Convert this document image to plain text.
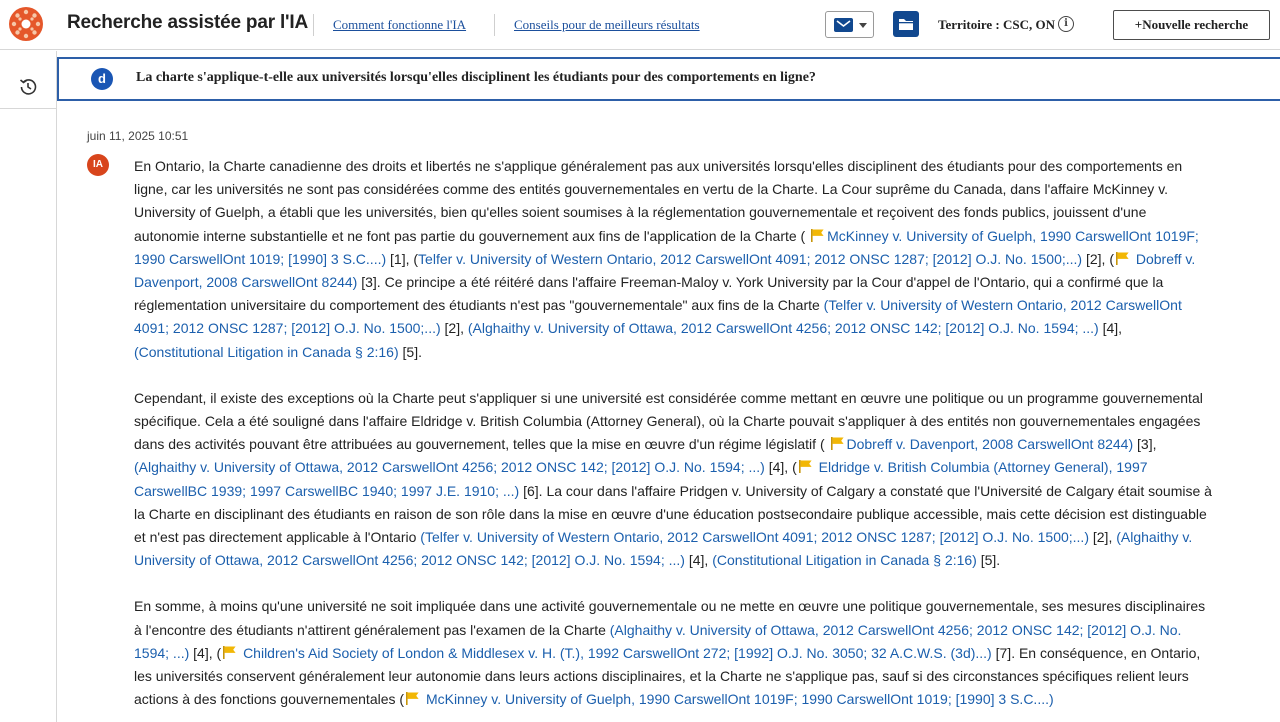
Recherche assistée par l'IA Comment fonctionne l'IA	Conseils pour de meilleurs résultats	Territoire : CSC, ON i	+Nouvelle recherche
d	La charte s'applique-t-elle aux universités lorsqu'elles disciplinent les étudiants pour des comportements en ligne?
juin 11, 2025 10:51
IA	En Ontario, la Charte canadienne des droits et libertés ne s'applique généralement pas aux universités lorsqu'elles disciplinent des étudiants pour des comportements en ligne, car les universités ne sont pas considérées comme des entités gouvernementales en vertu de la Charte. La Cour suprême du Canada, dans l'affaire McKinney v. University of Guelph, a établi que les universités, bien qu'elles soient soumises à la réglementation gouvernementale et reçoivent des fonds publics, jouissent d'une autonomie interne substantielle et ne font pas partie du gouvernement aux fins de l'application de la Charte ( McKinney v. University of Guelph, 1990 CarswellOnt 1019F; 1990 CarswellOnt 1019; [1990] 3 S.C....) [1], (Telfer v. University of Western Ontario, 2012 CarswellOnt 4091; 2012 ONSC 1287; [2012] O.J. No. 1500;...) [2], ( Dobreff v. Davenport, 2008 CarswellOnt 8244) [3]. Ce principe a été réitéré dans l'affaire Freeman-Maloy v. York University par la Cour d'appel de l'Ontario, qui a confirmé que la réglementation universitaire du comportement des étudiants n'est pas "gouvernementale" aux fins de la Charte (Telfer v. University of Western Ontario, 2012 CarswellOnt 4091; 2012 ONSC 1287; [2012] O.J. No. 1500;...) [2], (Alghaithy v. University of Ottawa, 2012 CarswellOnt 4256; 2012 ONSC 142; [2012] O.J. No. 1594; ...) [4], (Constitutional Litigation in Canada § 2:16) [5].

Cependant, il existe des exceptions où la Charte peut s'appliquer si une université est considérée comme mettant en œuvre une politique ou un programme gouvernemental spécifique. Cela a été souligné dans l'affaire Eldridge v. British Columbia (Attorney General), où la Charte pouvait s'appliquer à des entités non gouvernementales engagées dans des activités pouvant être attribuées au gouvernement, telles que la mise en œuvre d'un régime législatif ( Dobreff v. Davenport, 2008 CarswellOnt 8244) [3], (Alghaithy v. University of Ottawa, 2012 CarswellOnt 4256; 2012 ONSC 142; [2012] O.J. No. 1594; ...) [4], ( Eldridge v. British Columbia (Attorney General), 1997 CarswellBC 1939; 1997 CarswellBC 1940; 1997 J.E. 1910; ...) [6]. La cour dans l'affaire Pridgen v. University of Calgary a constaté que l'Université de Calgary était soumise à la Charte en disciplinant des étudiants en raison de son rôle dans la mise en œuvre d'une éducation postsecondaire publique accessible, mais cette décision est distinguable et n'est pas directement applicable à l'Ontario (Telfer v. University of Western Ontario, 2012 CarswellOnt 4091; 2012 ONSC 1287; [2012] O.J. No. 1500;...) [2], (Alghaithy v. University of Ottawa, 2012 CarswellOnt 4256; 2012 ONSC 142; [2012] O.J. No. 1594; ...) [4], (Constitutional Litigation in Canada § 2:16) [5].

En somme, à moins qu'une université ne soit impliquée dans une activité gouvernementale ou ne mette en œuvre une politique gouvernementale, ses mesures disciplinaires à l'encontre des étudiants n'attirent généralement pas l'examen de la Charte (Alghaithy v. University of Ottawa, 2012 CarswellOnt 4256; 2012 ONSC 142; [2012] O.J. No. 1594; ...) [4], ( Children's Aid Society of London & Middlesex v. H. (T.), 1992 CarswellOnt 272; [1992] O.J. No. 3050; 32 A.C.W.S. (3d)...) [7]. En conséquence, en Ontario, les universités conservent généralement leur autonomie dans leurs actions disciplinaires, et la Charte ne s'applique pas, sauf si des circonstances spécifiques relient leurs actions à des fonctions gouvernementales ( McKinney v. University of Guelph, 1990 CarswellOnt 1019F; 1990 CarswellOnt 1019; [1990] 3 S.C....)
